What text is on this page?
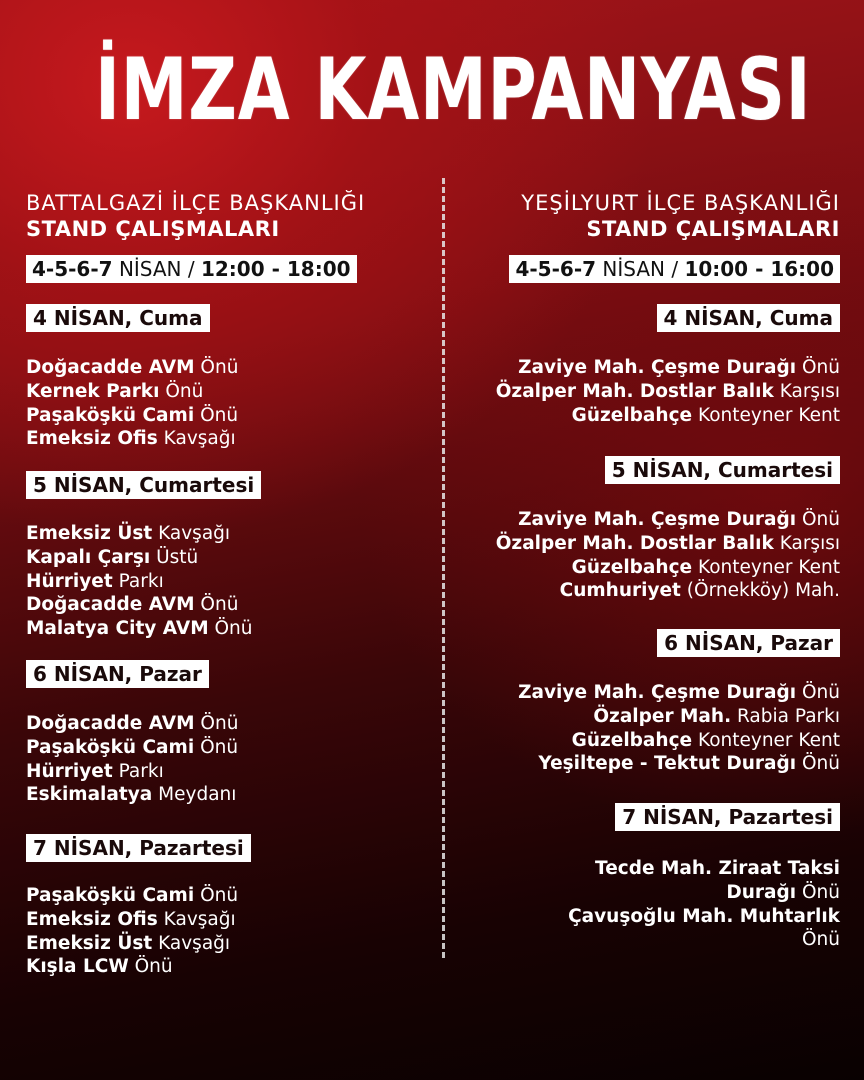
İMZA KAMPANYASI
BATTALGAZİ İLÇE BAŞKANLIĞI
STAND ÇALIŞMALARI
4-5-6-7 NİSAN / 12:00 - 18:00
4 NİSAN, Cuma
Doğacadde AVM Önü
Kernek Parkı Önü
Paşaköşkü Cami Önü
Emeksiz Ofis Kavşağı
5 NİSAN, Cumartesi
Emeksiz Üst Kavşağı
Kapalı Çarşı Üstü
Hürriyet Parkı
Doğacadde AVM Önü
Malatya City AVM Önü
6 NİSAN, Pazar
Doğacadde AVM Önü
Paşaköşkü Cami Önü
Hürriyet Parkı
Eskimalatya Meydanı
7 NİSAN, Pazartesi
Paşaköşkü Cami Önü
Emeksiz Ofis Kavşağı
Emeksiz Üst Kavşağı
Kışla LCW Önü
YEŞİLYURT İLÇE BAŞKANLIĞI
STAND ÇALIŞMALARI
4-5-6-7 NİSAN / 10:00 - 16:00
4 NİSAN, Cuma
Zaviye Mah. Çeşme Durağı Önü
Özalper Mah. Dostlar Balık Karşısı
Güzelbahçe Konteyner Kent
5 NİSAN, Cumartesi
Zaviye Mah. Çeşme Durağı Önü
Özalper Mah. Dostlar Balık Karşısı
Güzelbahçe Konteyner Kent
Cumhuriyet (Örnekköy) Mah.
6 NİSAN, Pazar
Zaviye Mah. Çeşme Durağı Önü
Özalper Mah. Rabia Parkı
Güzelbahçe Konteyner Kent
Yeşiltepe - Tektut Durağı Önü
7 NİSAN, Pazartesi
Tecde Mah. Ziraat Taksi
Durağı Önü
Çavuşoğlu Mah. Muhtarlık
Önü
